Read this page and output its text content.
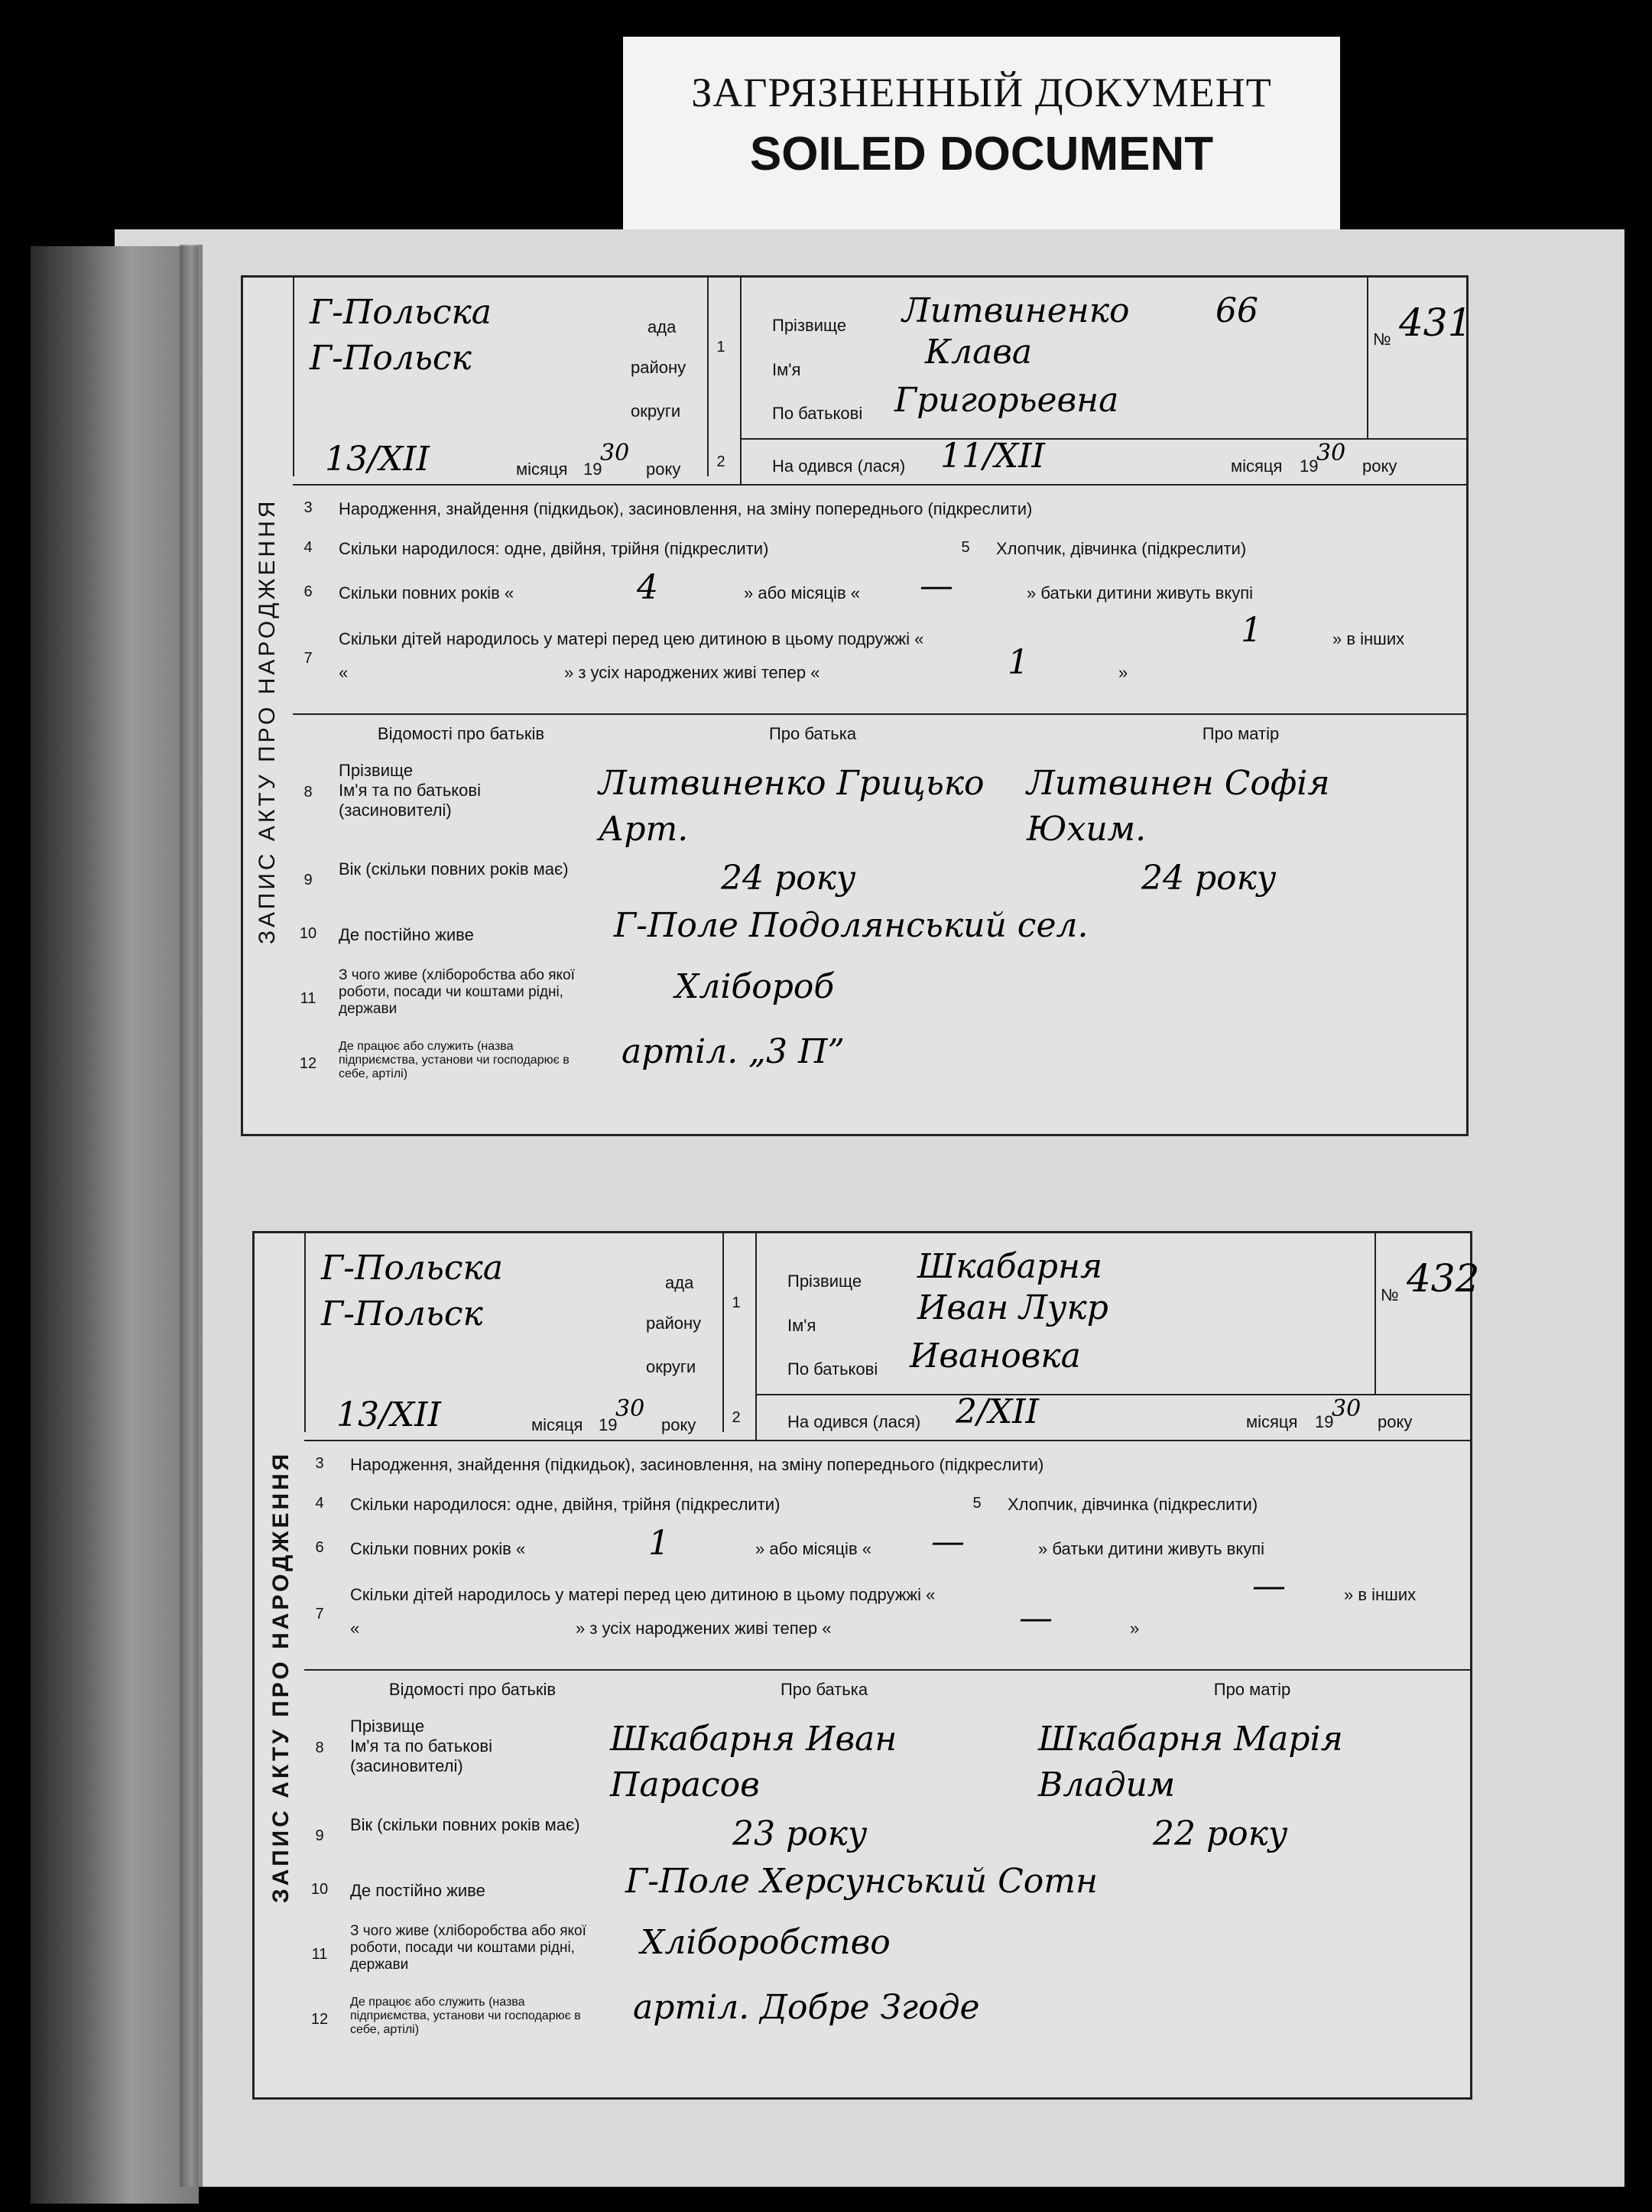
ЗАГРЯЗНЕННЫЙ ДОКУМЕНТ
SOILED DOCUMENT
ЗАПИС АКТУ ПРО НАРОДЖЕННЯ
Г-Польска	ада
Г-Польск	району
округи
13/XII	місяця 19
30
року
1
Прізвище Литвиненко	66
Ім'я	Клава
По батькові Григорьевна
№ 431
2	На одився (лася) 11/XII	місяця 19
30 року
3	Народження, знайдення (підкидьок), засиновлення, на зміну попереднього (підкреслити)
4	Скільки народилося: одне, двійня, трійня (підкреслити)	5	Хлопчик, дівчинка (підкреслити)
6	Скільки повних років «	4	» або місяців « —	» батьки дитини живуть вкупі
7
Скільки дітей народилось у матері перед цею дитиною в цьому подружжі «	1	» в інших
«	» з усіх народжених живі тепер «	1	»
Відомості про батьків	Про батька	Про матір
8
Прізвище
Ім'я та по батькові
(засиновителі)
Литвиненко Грицько Арт.
Литвинен Софія Юхим.
9
Вік (скільки повних років має)	24 року	24 року
10	Де постійно живе	Г-Поле Подолянський сел.
11
З чого живе (хліборобства або якої роботи, посади чи коштами рідні, держави
Хлібороб
12
Де працює або служить (назва підприємства, установи чи господарює в себе, артілі)
артіл. „3 П”
ЗАПИС АКТУ ПРО НАРОДЖЕННЯ
Г-Польска	ада
Г-Польск	району
округи
13/XII	місяця 19
30
року
1
Прізвище Шкабарня
Ім'я	Иван Лукр
По батькові Ивановка
№ 432
2	На одився (лася) 2/XII	місяця 19
30 року
3	Народження, знайдення (підкидьок), засиновлення, на зміну попереднього (підкреслити)
4	Скільки народилося: одне, двійня, трійня (підкреслити)	5	Хлопчик, дівчинка (підкреслити)
6	Скільки повних років «	1	» або місяців « —	» батьки дитини живуть вкупі
7
Скільки дітей народилось у матері перед цею дитиною в цьому подружжі «	—	» в інших
«	» з усіх народжених живі тепер «	—	»
Відомості про батьків	Про батька	Про матір
8
Прізвище
Ім'я та по батькові
(засиновителі)
Шкабарня Иван Парасов
Шкабарня Марія Владим
9
Вік (скільки повних років має)	23 року	22 року
10	Де постійно живе	Г-Поле Херсунський Сотн
11
З чого живе (хліборобства або якої роботи, посади чи коштами рідні, держави
Хліборобство
12
Де працює або служить (назва підприємства, установи чи господарює в себе, артілі)
артіл. Добре Згоде
